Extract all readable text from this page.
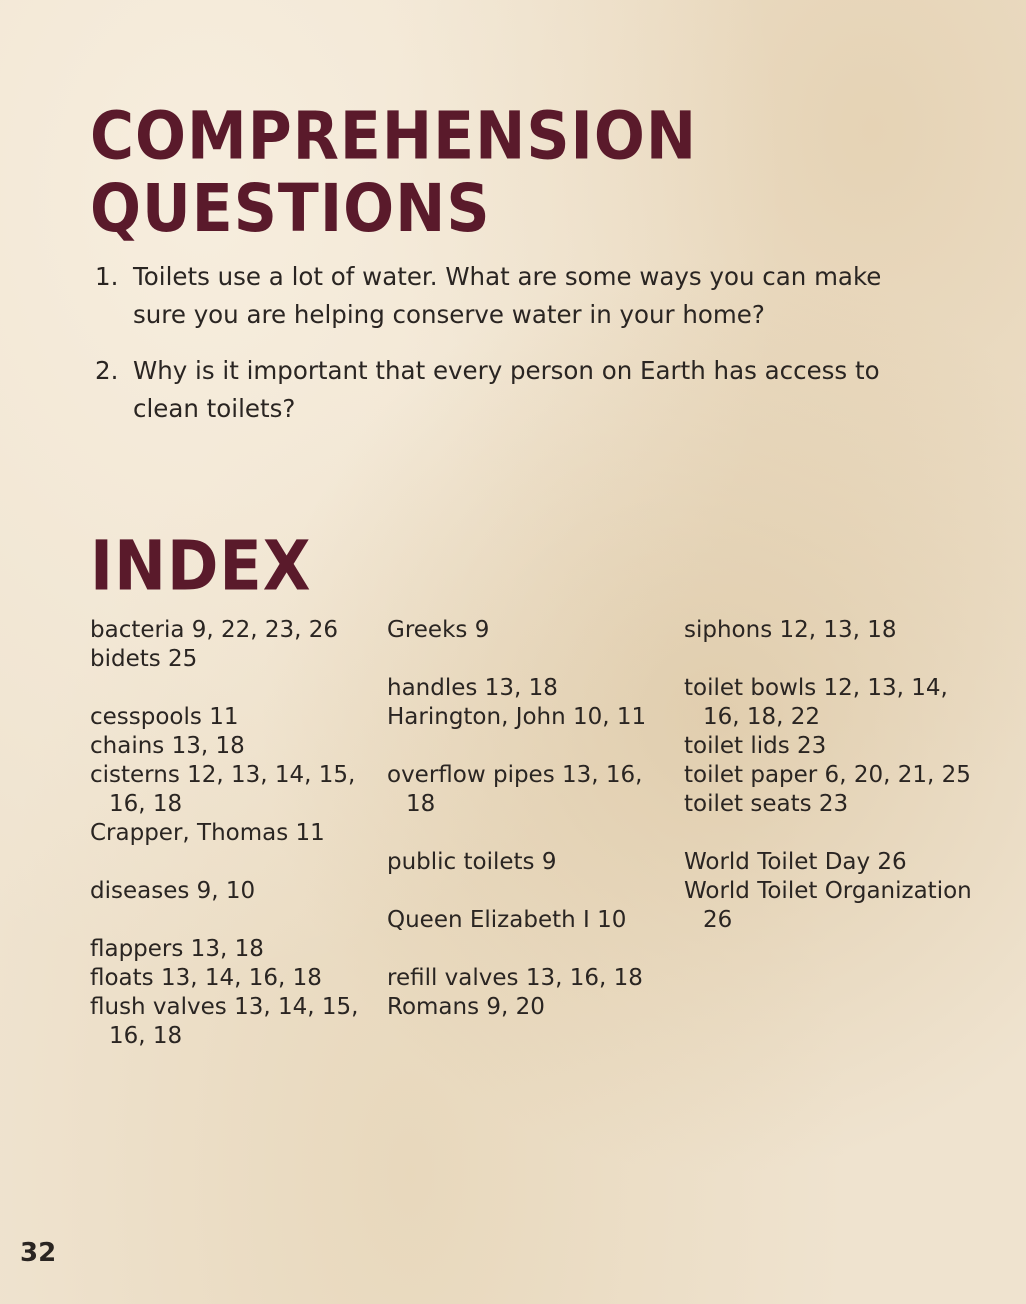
COMPREHENSION
QUESTIONS
1. Toilets use a lot of water. What are some ways you can make sure you are helping conserve water in your home?
2. Why is it important that every person on Earth has access to clean toilets?
INDEX
bacteria 9, 22, 23, 26
bidets 25
cesspools 11
chains 13, 18
cisterns 12, 13, 14, 15, 16, 18
Crapper, Thomas 11
diseases 9, 10
flappers 13, 18
floats 13, 14, 16, 18
flush valves 13, 14, 15, 16, 18
Greeks 9
handles 13, 18
Harington, John 10, 11
overflow pipes 13, 16, 18
public toilets 9
Queen Elizabeth I 10
refill valves 13, 16, 18
Romans 9, 20
siphons 12, 13, 18
toilet bowls 12, 13, 14, 16, 18, 22
toilet lids 23
toilet paper 6, 20, 21, 25
toilet seats 23
World Toilet Day 26
World Toilet Organization 26
32
